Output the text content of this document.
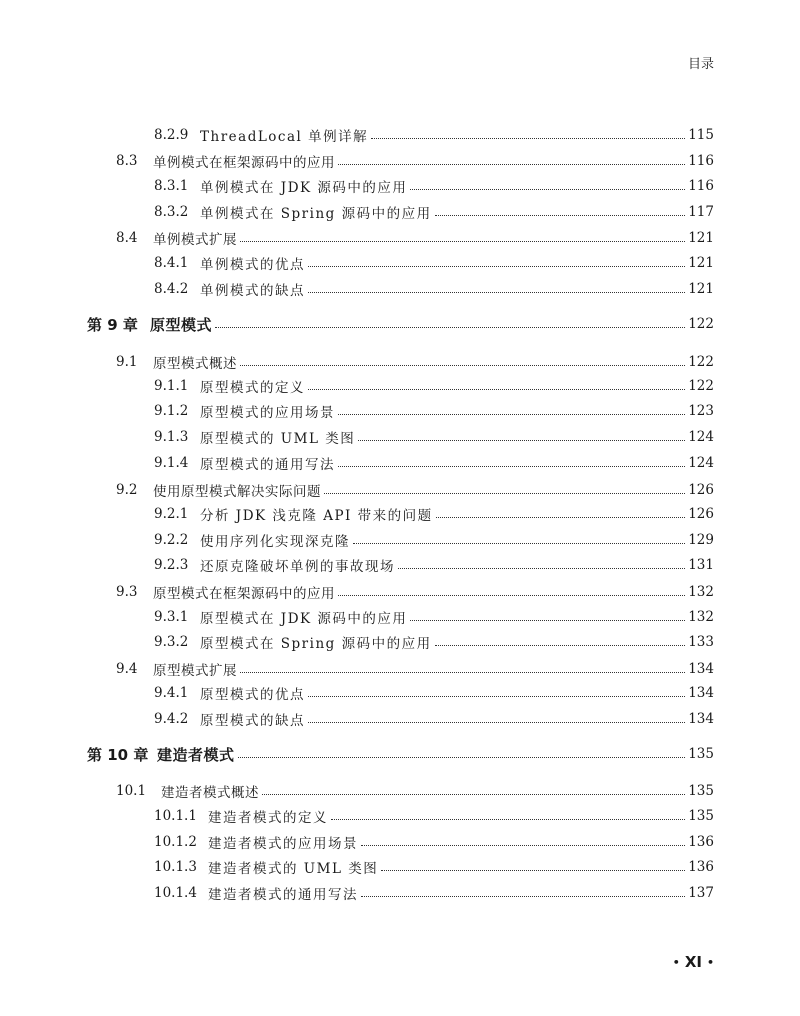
目录
8.2.9 ThreadLocal 单例详解	115
8.3	单例模式在框架源码中的应用	116
8.3.1 单例模式在 JDK 源码中的应用	116
8.3.2 单例模式在 Spring 源码中的应用	117
8.4	单例模式扩展	121
8.4.1 单例模式的优点	121
8.4.2 单例模式的缺点	121
第 9 章 原型模式	122
9.1	原型模式概述	122
9.1.1 原型模式的定义	122
9.1.2 原型模式的应用场景	123
9.1.3 原型模式的 UML 类图	124
9.1.4 原型模式的通用写法	124
9.2	使用原型模式解决实际问题	126
9.2.1 分析 JDK 浅克隆 API 带来的问题	126
9.2.2 使用序列化实现深克隆	129
9.2.3 还原克隆破坏单例的事故现场	131
9.3	原型模式在框架源码中的应用	132
9.3.1 原型模式在 JDK 源码中的应用	132
9.3.2 原型模式在 Spring 源码中的应用	133
9.4	原型模式扩展	134
9.4.1 原型模式的优点	134
9.4.2 原型模式的缺点	134
第 10 章 建造者模式	135
10.1	建造者模式概述	135
10.1.1 建造者模式的定义	135
10.1.2 建造者模式的应用场景	136
10.1.3 建造者模式的 UML 类图	136
10.1.4 建造者模式的通用写法	137
• XI •
